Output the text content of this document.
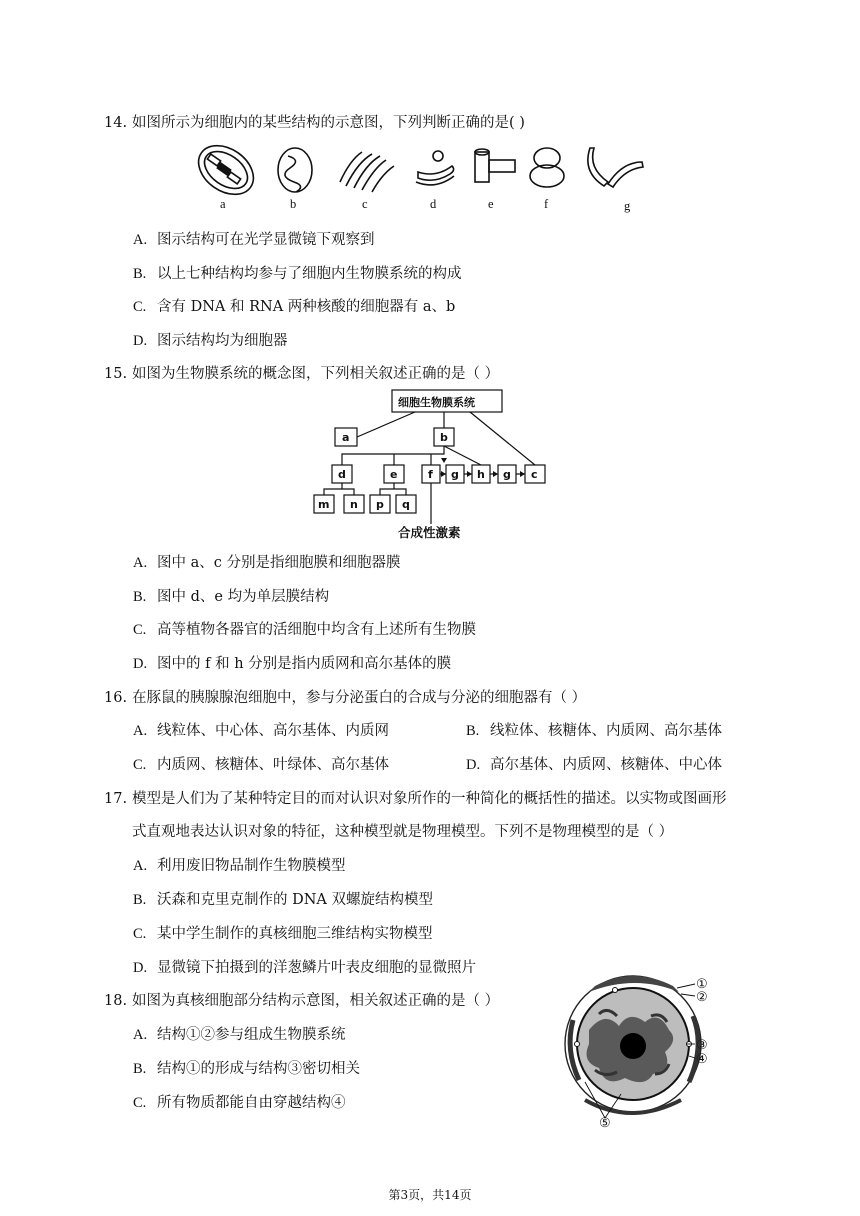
14. 如图所示为细胞内的某些结构的示意图，下列判断正确的是( )
a	b	c	d	e	f	g
A. 图示结构可在光学显微镜下观察到
B. 以上七种结构均参与了细胞内生物膜系统的构成
C. 含有 DNA 和 RNA 两种核酸的细胞器有 a、b
D. 图示结构均为细胞器
15. 如图为生物膜系统的概念图，下列相关叙述正确的是（ ）
细胞生物膜系统
a	b
d	e	f g h g c
m n p q
合成性激素
A. 图中 a、c 分别是指细胞膜和细胞器膜
B. 图中 d、e 均为单层膜结构
C. 高等植物各器官的活细胞中均含有上述所有生物膜
D. 图中的 f 和 h 分别是指内质网和高尔基体的膜
16. 在豚鼠的胰腺腺泡细胞中，参与分泌蛋白的合成与分泌的细胞器有（ ）
A. 线粒体、中心体、高尔基体、内质网	B. 线粒体、核糖体、内质网、高尔基体
C. 内质网、核糖体、叶绿体、高尔基体	D. 高尔基体、内质网、核糖体、中心体
17. 模型是人们为了某种特定目的而对认识对象所作的一种简化的概括性的描述。以实物或图画形
式直观地表达认识对象的特征，这种模型就是物理模型。下列不是物理模型的是（ ）
A. 利用废旧物品制作生物膜模型
B. 沃森和克里克制作的 DNA 双螺旋结构模型
C. 某中学生制作的真核细胞三维结构实物模型
D. 显微镜下拍摄到的洋葱鳞片叶表皮细胞的显微照片
18. 如图为真核细胞部分结构示意图，相关叙述正确的是（ ）
A. 结构①②参与组成生物膜系统
B. 结构①的形成与结构③密切相关
C. 所有物质都能自由穿越结构④
①
②
③
④
⑤
第3页，共14页
